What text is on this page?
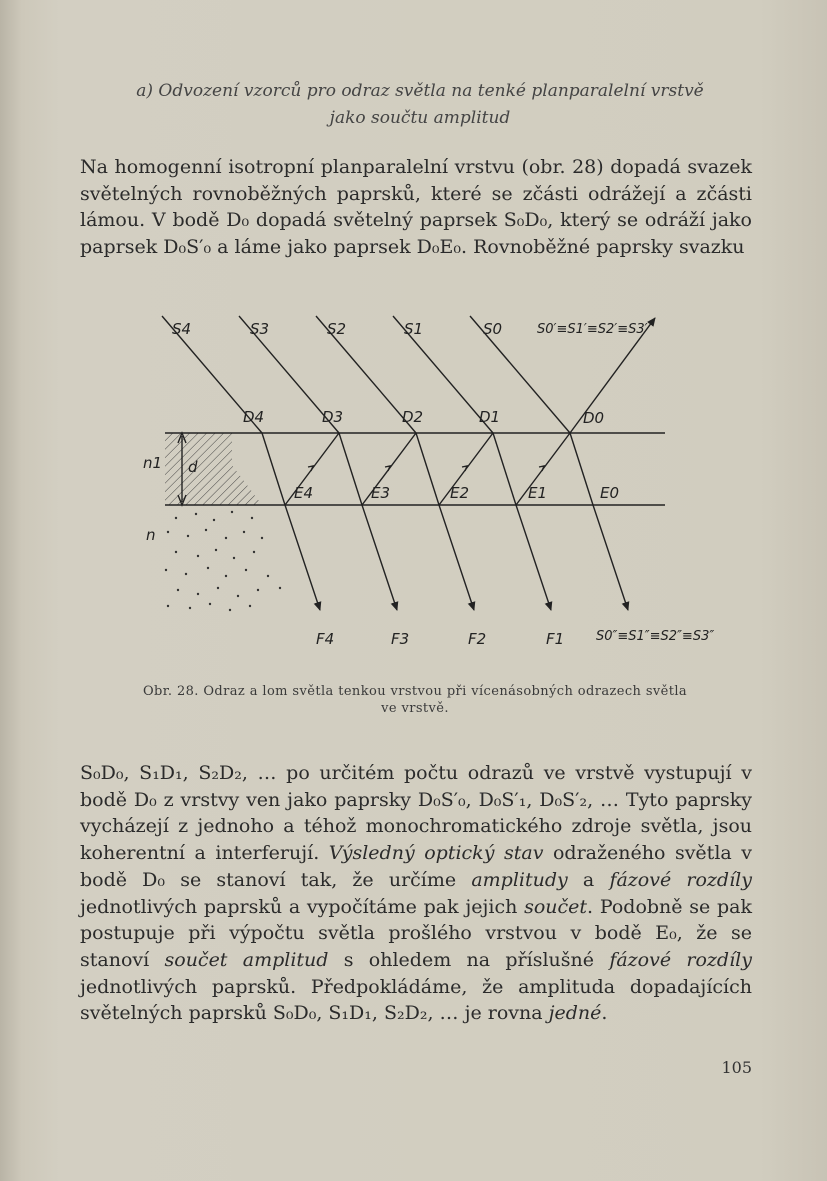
a) Odvození vzorců pro odraz světla na tenké planparalelní vrstvě
jako součtu amplitud
Na homogenní isotropní planparalelní vrstvu (obr. 28) dopadá svazek světelných rovnoběžných paprsků, které se zčásti odrážejí a zčásti lámou. V bodě D₀ dopadá světelný paprsek S₀D₀, který se odráží jako paprsek D₀S′₀ a láme jako paprsek D₀E₀. Rovnoběžné paprsky svazku
S4	S3	S2	S1	S0	S0′≡S1′≡S2′≡S3′
D4	D3	D2	D1	D0
E4	E3	E2	E1	E0
F4	F3	F2	F1 S0″≡S1″≡S2″≡S3″
n1 d
n
Obr. 28. Odraz a lom světla tenkou vrstvou při vícenásobných odrazech světla
ve vrstvě.
S₀D₀, S₁D₁, S₂D₂, … po určitém počtu odrazů ve vrstvě vystupují v bodě D₀ z vrstvy ven jako paprsky D₀S′₀, D₀S′₁, D₀S′₂, … Tyto paprsky vycházejí z jednoho a téhož monochromatického zdroje světla, jsou koherentní a interferují. Výsledný optický stav odraženého světla v bodě D₀ se stanoví tak, že určíme amplitudy a fázové rozdíly jednotlivých paprsků a vypočítáme pak jejich součet. Podobně se pak postupuje při výpočtu světla prošlého vrstvou v bodě E₀, že se stanoví součet amplitud s ohledem na příslušné fázové rozdíly jednotlivých paprsků. Předpokládáme, že amplituda dopadajících světelných paprsků S₀D₀, S₁D₁, S₂D₂, … je rovna jedné.
105
